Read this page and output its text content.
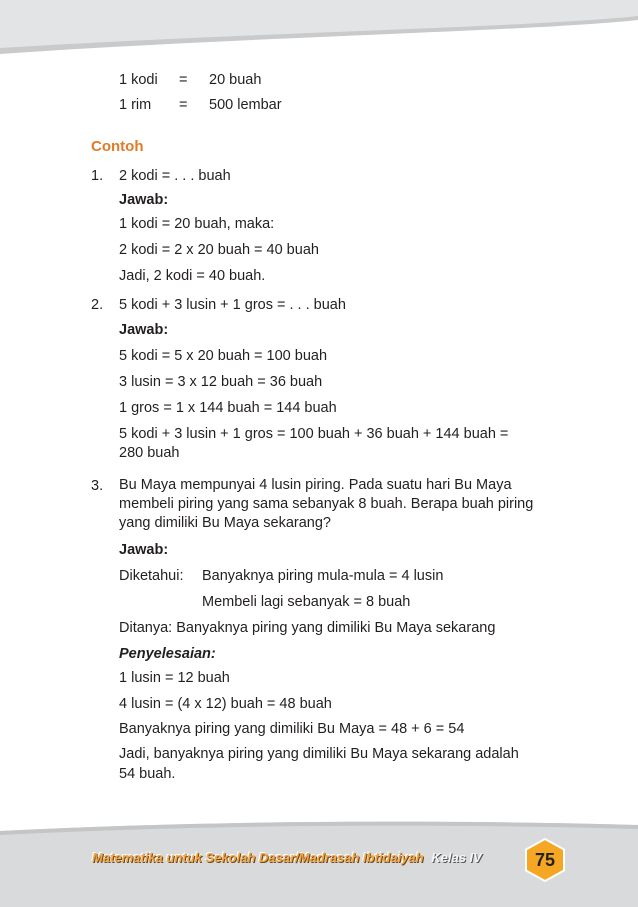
1 kodi = 20 buah
1 rim = 500 lembar
Contoh
1. 2 kodi = . . . buah
Jawab:
1 kodi = 20 buah, maka:
2 kodi = 2 x 20 buah = 40 buah
Jadi, 2 kodi = 40 buah.
2. 5 kodi + 3 lusin + 1 gros = . . . buah
Jawab:
5 kodi = 5 x 20 buah = 100 buah
3 lusin = 3 x 12 buah = 36 buah
1 gros = 1 x 144 buah = 144 buah
5 kodi + 3 lusin + 1 gros = 100 buah + 36 buah + 144 buah =
280 buah
3. Bu Maya mempunyai 4 lusin piring. Pada suatu hari Bu Maya
membeli piring yang sama sebanyak 8 buah. Berapa buah piring
yang dimiliki Bu Maya sekarang?
Jawab:
Diketahui: Banyaknya piring mula-mula = 4 lusin
Membeli lagi sebanyak = 8 buah
Ditanya: Banyaknya piring yang dimiliki Bu Maya sekarang
Penyelesaian:
1 lusin = 12 buah
4 lusin = (4 x 12) buah = 48 buah
Banyaknya piring yang dimiliki Bu Maya = 48 + 6 = 54
Jadi, banyaknya piring yang dimiliki Bu Maya sekarang adalah
54 buah.
Matematika untuk Sekolah Dasar/Madrasah Ibtidaiyah Kelas IV	75
